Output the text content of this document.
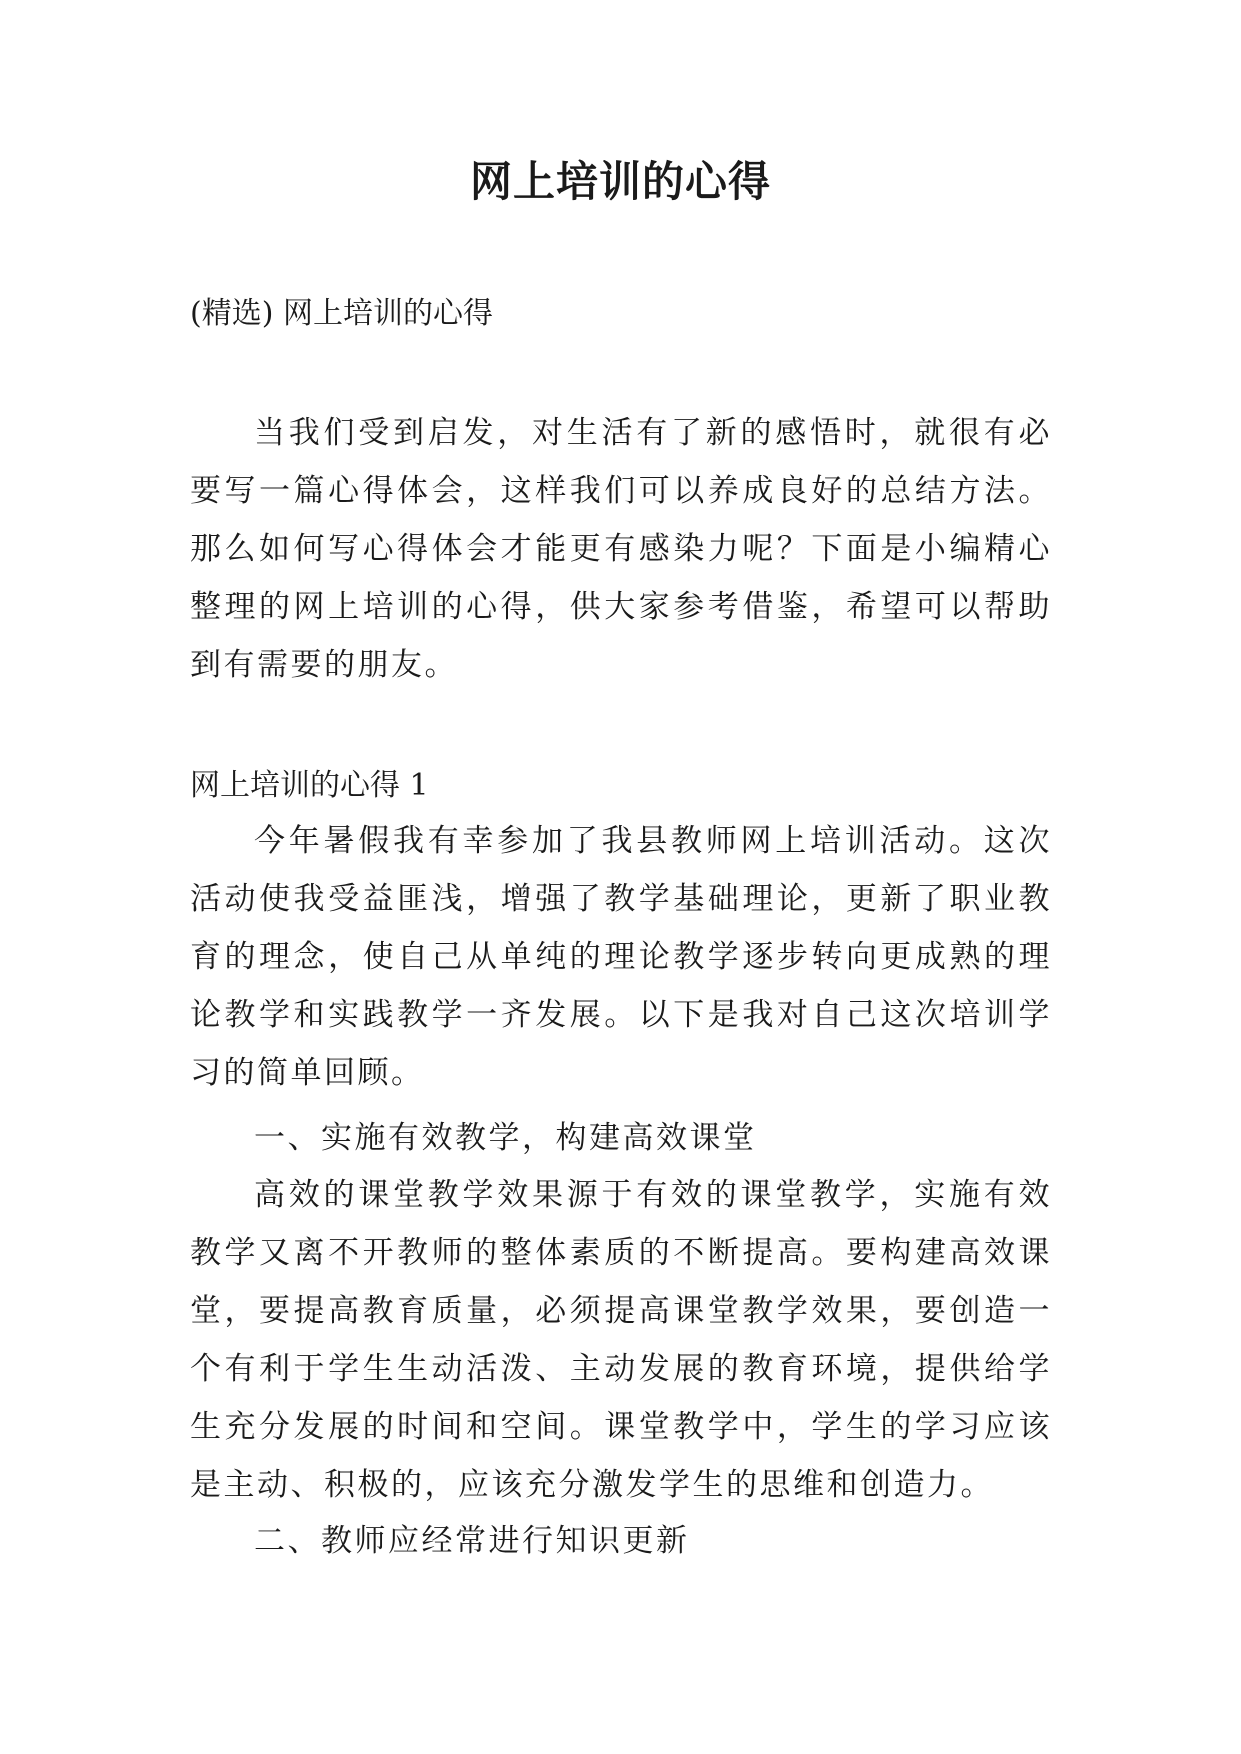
网上培训的心得

(精选) 网上培训的心得

当我们受到启发，对生活有了新的感悟时，就很有必要写一篇心得体会，这样我们可以养成良好的总结方法。那么如何写心得体会才能更有感染力呢？下面是小编精心整理的网上培训的心得，供大家参考借鉴，希望可以帮助到有需要的朋友。

网上培训的心得 1

今年暑假我有幸参加了我县教师网上培训活动。这次活动使我受益匪浅，增强了教学基础理论，更新了职业教育的理念，使自己从单纯的理论教学逐步转向更成熟的理论教学和实践教学一齐发展。以下是我对自己这次培训学习的简单回顾。

一、实施有效教学，构建高效课堂

高效的课堂教学效果源于有效的课堂教学，实施有效教学又离不开教师的整体素质的不断提高。要构建高效课堂，要提高教育质量，必须提高课堂教学效果，要创造一个有利于学生生动活泼、主动发展的教育环境，提供给学生充分发展的时间和空间。课堂教学中，学生的学习应该是主动、积极的，应该充分激发学生的思维和创造力。

二、教师应经常进行知识更新
